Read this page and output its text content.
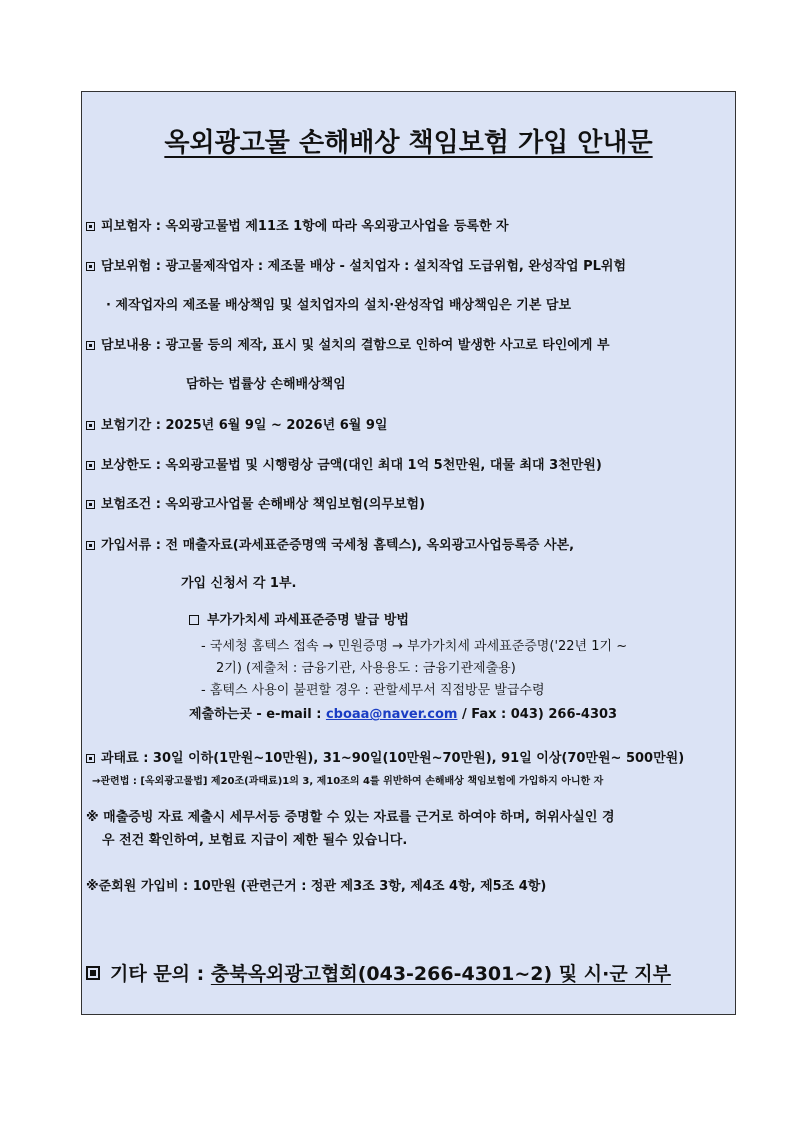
옥외광고물 손해배상 책임보험 가입 안내문
피보험자 : 옥외광고물법 제11조 1항에 따라 옥외광고사업을 등록한 자
담보위험 : 광고물제작업자 : 제조물 배상 - 설치업자 : 설치작업 도급위험, 완성작업 PL위험
· 제작업자의 제조물 배상책임 및 설치업자의 설치·완성작업 배상책임은 기본 담보
담보내용 : 광고물 등의 제작, 표시 및 설치의 결함으로 인하여 발생한 사고로 타인에게 부
담하는 법률상 손해배상책임
보험기간 : 2025년 6월 9일 ~ 2026년 6월 9일
보상한도 : 옥외광고물법 및 시행령상 금액(대인 최대 1억 5천만원, 대물 최대 3천만원)
보험조건 : 옥외광고사업물 손해배상 책임보험(의무보험)
가입서류 : 전 매출자료(과세표준증명액 국세청 홈텍스), 옥외광고사업등록증 사본,
가입 신청서 각 1부.
부가가치세 과세표준증명 발급 방법
- 국세청 홈텍스 접속 → 민원증명 → 부가가치세 과세표준증명('22년 1기 ~
2기) (제출처 : 금융기관, 사용용도 : 금융기관제출용)
- 홈텍스 사용이 불편할 경우 : 관할세무서 직접방문 발급수령
제출하는곳 - e-mail : cboaa@naver.com / Fax : 043) 266-4303
과태료 : 30일 이하(1만원~10만원), 31~90일(10만원~70만원), 91일 이상(70만원~ 500만원)
→관련법 : [옥외광고물법] 제20조(과태료)1의 3, 제10조의 4를 위반하여 손해배상 책임보험에 가입하지 아니한 자
※ 매출증빙 자료 제출시 세무서등 증명할 수 있는 자료를 근거로 하여야 하며, 허위사실인 경
우 전건 확인하여, 보험료 지급이 제한 될수 있습니다.
※준회원 가입비 : 10만원 (관련근거 : 정관 제3조 3항, 제4조 4항, 제5조 4항)
기타 문의 : 충북옥외광고협회(043-266-4301~2) 및 시·군 지부
